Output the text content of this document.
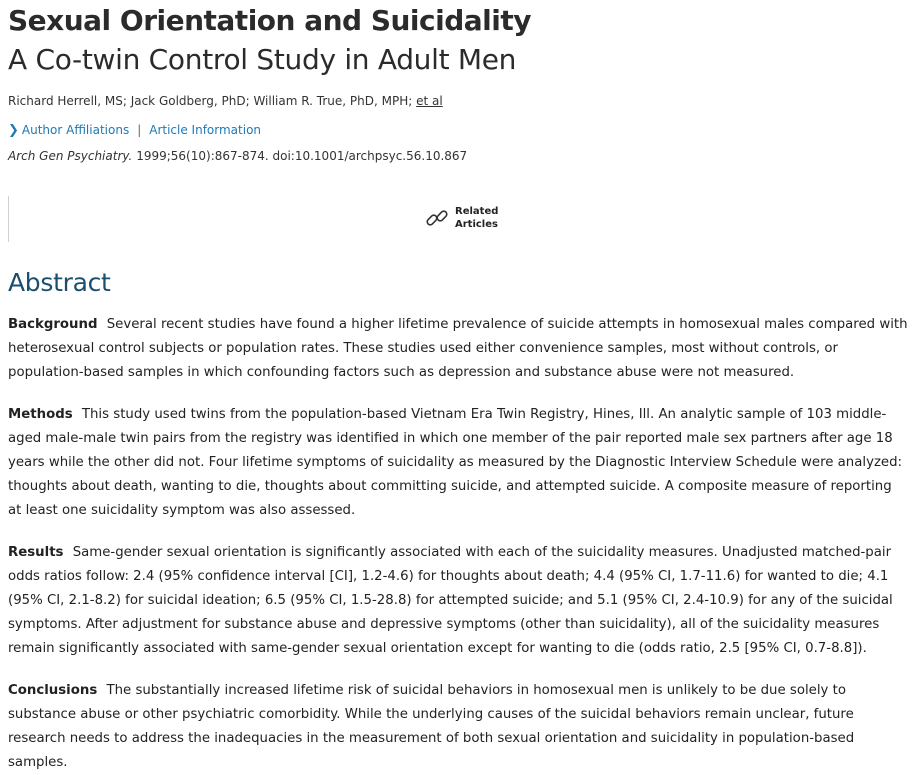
Sexual Orientation and Suicidality
A Co-twin Control Study in Adult Men
Richard Herrell, MS; Jack Goldberg, PhD; William R. True, PhD, MPH; et al
❯ Author Affiliations | Article Information
Arch Gen Psychiatry. 1999;56(10):867-874. doi:10.1001/archpsyc.56.10.867
Related
Articles
Abstract

Background Several recent studies have found a higher lifetime prevalence of suicide attempts in homosexual males compared with heterosexual control subjects or population rates. These studies used either convenience samples, most without controls, or population-based samples in which confounding factors such as depression and substance abuse were not measured.

Methods This study used twins from the population-based Vietnam Era Twin Registry, Hines, Ill. An analytic sample of 103 middle-aged male-male twin pairs from the registry was identified in which one member of the pair reported male sex partners after age 18 years while the other did not. Four lifetime symptoms of suicidality as measured by the Diagnostic Interview Schedule were analyzed: thoughts about death, wanting to die, thoughts about committing suicide, and attempted suicide. A composite measure of reporting at least one suicidality symptom was also assessed.

Results Same-gender sexual orientation is significantly associated with each of the suicidality measures. Unadjusted matched-pair odds ratios follow: 2.4 (95% confidence interval [CI], 1.2-4.6) for thoughts about death; 4.4 (95% CI, 1.7-11.6) for wanted to die; 4.1 (95% CI, 2.1-8.2) for suicidal ideation; 6.5 (95% CI, 1.5-28.8) for attempted suicide; and 5.1 (95% CI, 2.4-10.9) for any of the suicidal symptoms. After adjustment for substance abuse and depressive symptoms (other than suicidality), all of the suicidality measures remain significantly associated with same-gender sexual orientation except for wanting to die (odds ratio, 2.5 [95% CI, 0.7-8.8]).

Conclusions The substantially increased lifetime risk of suicidal behaviors in homosexual men is unlikely to be due solely to substance abuse or other psychiatric comorbidity. While the underlying causes of the suicidal behaviors remain unclear, future research needs to address the inadequacies in the measurement of both sexual orientation and suicidality in population-based samples.
